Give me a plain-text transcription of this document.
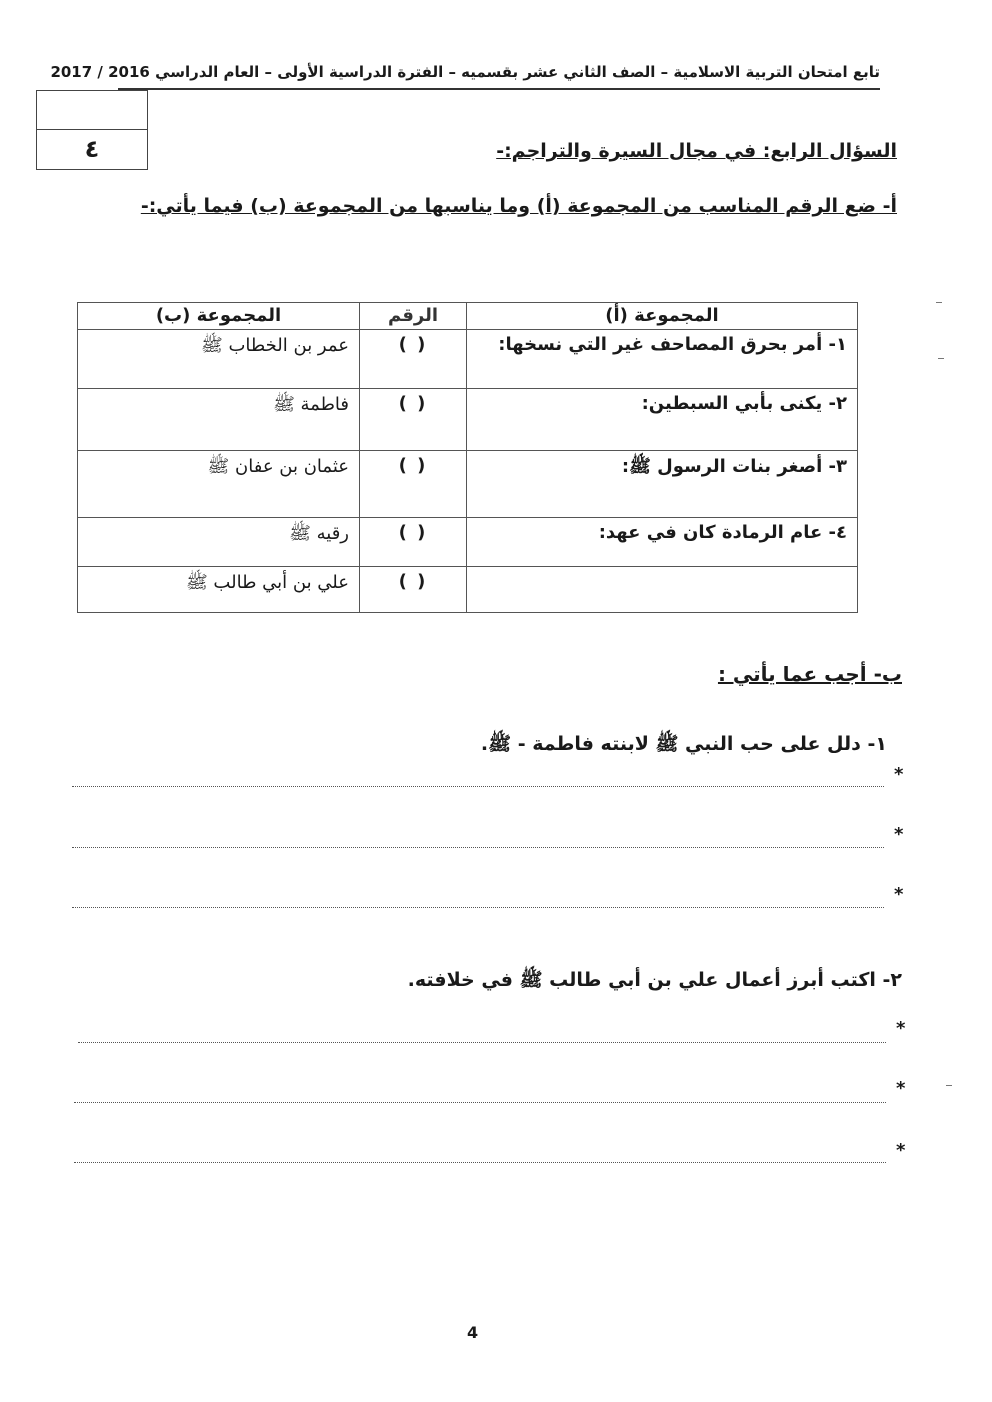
تابع امتحان التربية الاسلامية – الصف الثاني عشر بقسميه – الفترة الدراسية الأولى – العام الدراسي 2016 / 2017
٤	السؤال الرابع: في مجال السيرة والتراجم:-
أ- ضع الرقم المناسب من المجموعة (أ) وما يناسبها من المجموعة (ب) فيما يأتي:-
المجموعة (أ)	الرقم	المجموعة (ب)
١- أمر بحرق المصاحف غير التي نسخها:	( )	عمر بن الخطاب ﷺ
٢- يكنى بأبي السبطين:	( )	فاطمة ﷺ
٣- أصغر بنات الرسول ﷺ:	( )	عثمان بن عفان ﷺ
٤- عام الرمادة كان في عهد:	( )	رقيه ﷺ
	( )	علي بن أبي طالب ﷺ
ب- أجب عما يأتي :
١- دلل على حب النبي ﷺ لابنته فاطمة - ﷺ.
*
*
*
٢- اكتب أبرز أعمال علي بن أبي طالب ﷺ في خلافته.
*
*
*
4
